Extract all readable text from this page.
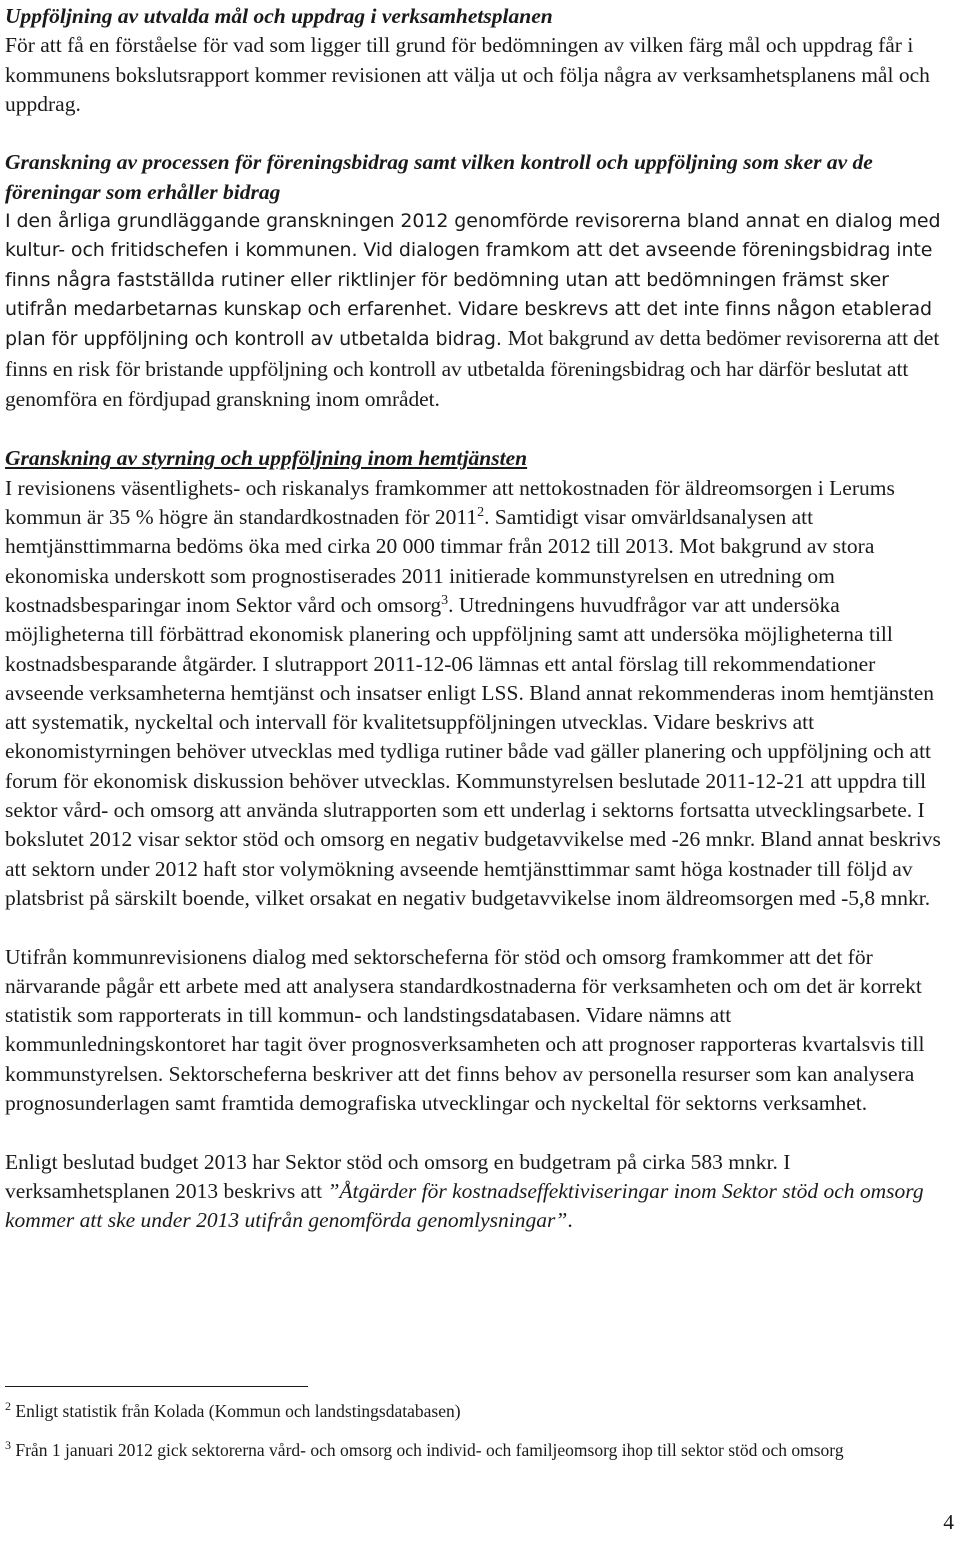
Uppföljning av utvalda mål och uppdrag i verksamhetsplanen

För att få en förståelse för vad som ligger till grund för bedömningen av vilken färg mål och uppdrag får i kommunens bokslutsrapport kommer revisionen att välja ut och följa några av verksamhetsplanens mål och uppdrag.

Granskning av processen för föreningsbidrag samt vilken kontroll och uppföljning som sker av de föreningar som erhåller bidrag

I den årliga grundläggande granskningen 2012 genomförde revisorerna bland annat en dialog med kultur- och fritidschefen i kommunen. Vid dialogen framkom att det avseende föreningsbidrag inte finns några fastställda rutiner eller riktlinjer för bedömning utan att bedömningen främst sker utifrån medarbetarnas kunskap och erfarenhet. Vidare beskrevs att det inte finns någon etablerad plan för uppföljning och kontroll av utbetalda bidrag. Mot bakgrund av detta bedömer revisorerna att det finns en risk för bristande uppföljning och kontroll av utbetalda föreningsbidrag och har därför beslutat att genomföra en fördjupad granskning inom området.

Granskning av styrning och uppföljning inom hemtjänsten

I revisionens väsentlighets- och riskanalys framkommer att nettokostnaden för äldreomsorgen i Lerums kommun är 35 % högre än standardkostnaden för 2011$^2$. Samtidigt visar omvärldsanalysen att hemtjänsttimmarna bedöms öka med cirka 20 000 timmar från 2012 till 2013. Mot bakgrund av stora ekonomiska underskott som prognostiserades 2011 initierade kommunstyrelsen en utredning om kostnadsbesparingar inom Sektor vård och omsorg$^3$. Utredningens huvudfrågor var att undersöka möjligheterna till förbättrad ekonomisk planering och uppföljning samt att undersöka möjligheterna till kostnadsbesparande åtgärder. I slutrapport 2011-12-06 lämnas ett antal förslag till rekommendationer avseende verksamheterna hemtjänst och insatser enligt LSS. Bland annat rekommenderas inom hemtjänsten att systematik, nyckeltal och intervall för kvalitetsuppföljningen utvecklas. Vidare beskrivs att ekonomistyrningen behöver utvecklas med tydliga rutiner både vad gäller planering och uppföljning och att forum för ekonomisk diskussion behöver utvecklas. Kommunstyrelsen beslutade 2011-12-21 att uppdra till sektor vård- och omsorg att använda slutrapporten som ett underlag i sektorns fortsatta utvecklingsarbete. I bokslutet 2012 visar sektor stöd och omsorg en negativ budgetavvikelse med -26 mnkr. Bland annat beskrivs att sektorn under 2012 haft stor volymökning avseende hemtjänsttimmar samt höga kostnader till följd av platsbrist på särskilt boende, vilket orsakat en negativ budgetavvikelse inom äldreomsorgen med -5,8 mnkr.

Utifrån kommunrevisionens dialog med sektorscheferna för stöd och omsorg framkommer att det för närvarande pågår ett arbete med att analysera standardkostnaderna för verksamheten och om det är korrekt statistik som rapporterats in till kommun- och landstingsdatabasen. Vidare nämns att kommunledningskontoret har tagit över prognosverksamheten och att prognoser rapporteras kvartalsvis till kommunstyrelsen. Sektorscheferna beskriver att det finns behov av personella resurser som kan analysera prognosunderlagen samt framtida demografiska utvecklingar och nyckeltal för sektorns verksamhet.

Enligt beslutad budget 2013 har Sektor stöd och omsorg en budgetram på cirka 583 mnkr. I verksamhetsplanen 2013 beskrivs att ”Åtgärder för kostnadseffektiviseringar inom Sektor stöd och omsorg kommer att ske under 2013 utifrån genomförda genomlysningar”.

$^2$ Enligt statistik från Kolada (Kommun och landstingsdatabasen)

$^3$ Från 1 januari 2012 gick sektorerna vård- och omsorg och individ- och familjeomsorg ihop till sektor stöd och omsorg

4
